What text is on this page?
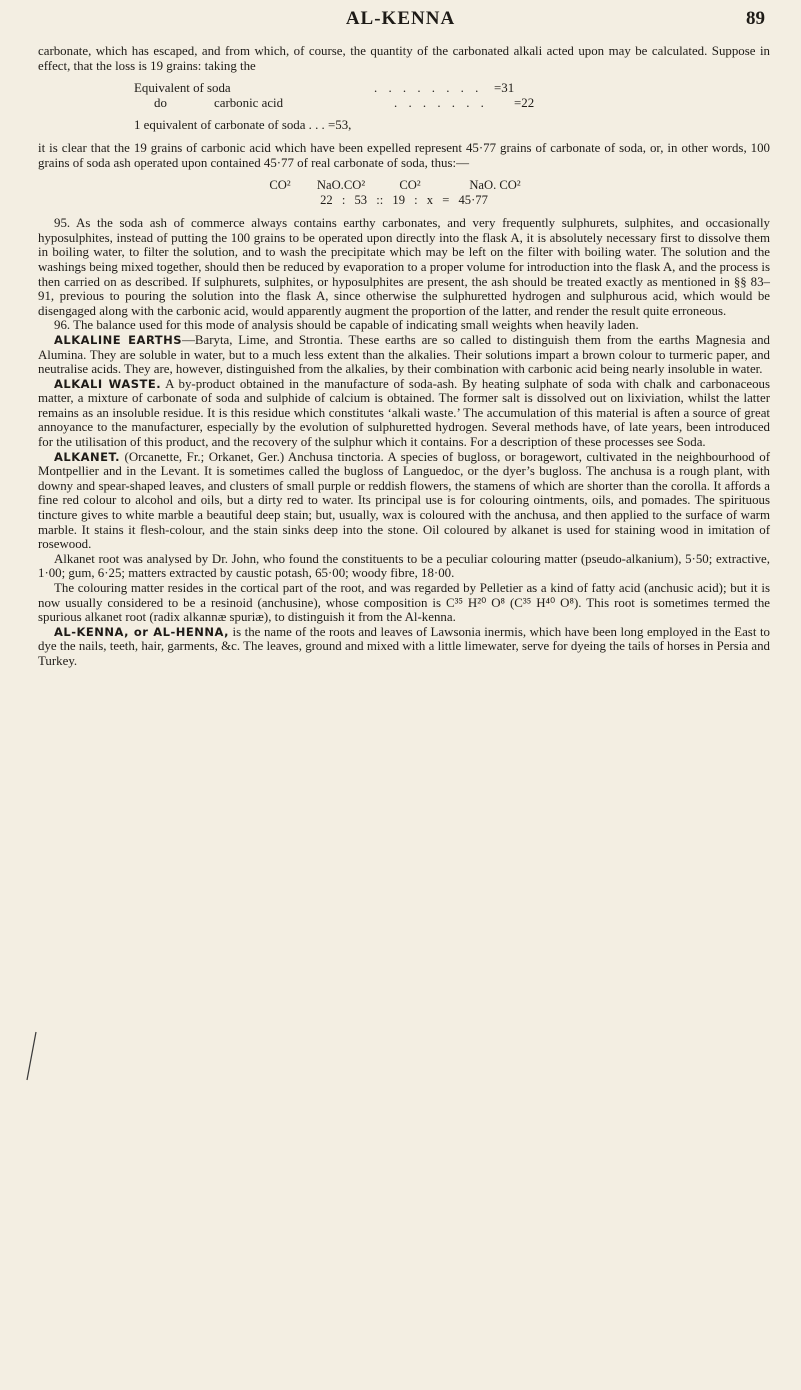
AL-KENNA	89

carbonate, which has escaped, and from which, of course, the quantity of the carbonated alkali acted upon may be calculated. Suppose in effect, that the loss is 19 grains: taking the

Equivalent of soda	. . . . . . . . =31
do	carbonic acid	. . . . . . .	=22
1 equivalent of carbonate of soda . . . =53,

it is clear that the 19 grains of carbonic acid which have been expelled represent 45·77 grains of carbonate of soda, or, in other words, 100 grains of soda ash operated upon contained 45·77 of real carbonate of soda, thus:—

CO²	NaO.CO²	CO²	NaO. CO²
22 : 53 :: 19 : x = 45·77

95. As the soda ash of commerce always contains earthy carbonates, and very frequently sulphurets, sulphites, and occasionally hyposulphites, instead of putting the 100 grains to be operated upon directly into the flask A, it is absolutely necessary first to dissolve them in boiling water, to filter the solution, and to wash the precipitate which may be left on the filter with boiling water. The solution and the washings being mixed together, should then be reduced by evaporation to a proper volume for introduction into the flask A, and the process is then carried on as described. If sulphurets, sulphites, or hyposulphites are present, the ash should be treated exactly as mentioned in §§ 83–91, previous to pouring the solution into the flask A, since otherwise the sulphuretted hydrogen and sulphurous acid, which would be disengaged along with the carbonic acid, would apparently augment the proportion of the latter, and render the result quite erroneous.

96. The balance used for this mode of analysis should be capable of indicating small weights when heavily laden.

ALKALINE EARTHS—Baryta, Lime, and Strontia. These earths are so called to distinguish them from the earths Magnesia and Alumina. They are soluble in water, but to a much less extent than the alkalies. Their solutions impart a brown colour to turmeric paper, and neutralise acids. They are, however, distinguished from the alkalies, by their combination with carbonic acid being nearly insoluble in water.

ALKALI WASTE. A by-product obtained in the manufacture of soda-ash. By heating sulphate of soda with chalk and carbonaceous matter, a mixture of carbonate of soda and sulphide of calcium is obtained. The former salt is dissolved out on lixiviation, whilst the latter remains as an insoluble residue. It is this residue which constitutes ‘alkali waste.’ The accumulation of this material is aften a source of great annoyance to the manufacturer, especially by the evolution of sulphuretted hydrogen. Several methods have, of late years, been introduced for the utilisation of this product, and the recovery of the sulphur which it contains. For a description of these processes see Soda.

ALKANET. (Orcanette, Fr.; Orkanet, Ger.) Anchusa tinctoria. A species of bugloss, or boragewort, cultivated in the neighbourhood of Montpellier and in the Levant. It is sometimes called the bugloss of Languedoc, or the dyer’s bugloss. The anchusa is a rough plant, with downy and spear-shaped leaves, and clusters of small purple or reddish flowers, the stamens of which are shorter than the corolla. It affords a fine red colour to alcohol and oils, but a dirty red to water. Its principal use is for colouring ointments, oils, and pomades. The spirituous tincture gives to white marble a beautiful deep stain; but, usually, wax is coloured with the anchusa, and then applied to the surface of warm marble. It stains it flesh-colour, and the stain sinks deep into the stone. Oil coloured by alkanet is used for staining wood in imitation of rosewood.

Alkanet root was analysed by Dr. John, who found the constituents to be a peculiar colouring matter (pseudo-alkanium), 5·50; extractive, 1·00; gum, 6·25; matters extracted by caustic potash, 65·00; woody fibre, 18·00.

The colouring matter resides in the cortical part of the root, and was regarded by Pelletier as a kind of fatty acid (anchusic acid); but it is now usually considered to be a resinoid (anchusine), whose composition is C³⁵ H²⁰ O⁸ (C³⁵ H⁴⁰ O⁸). This root is sometimes termed the spurious alkanet root (radix alkannæ spuriæ), to distinguish it from the Al-kenna.

AL-KENNA, or AL-HENNA, is the name of the roots and leaves of Lawsonia inermis, which have been long employed in the East to dye the nails, teeth, hair, garments, &c. The leaves, ground and mixed with a little limewater, serve for dyeing the tails of horses in Persia and Turkey.
